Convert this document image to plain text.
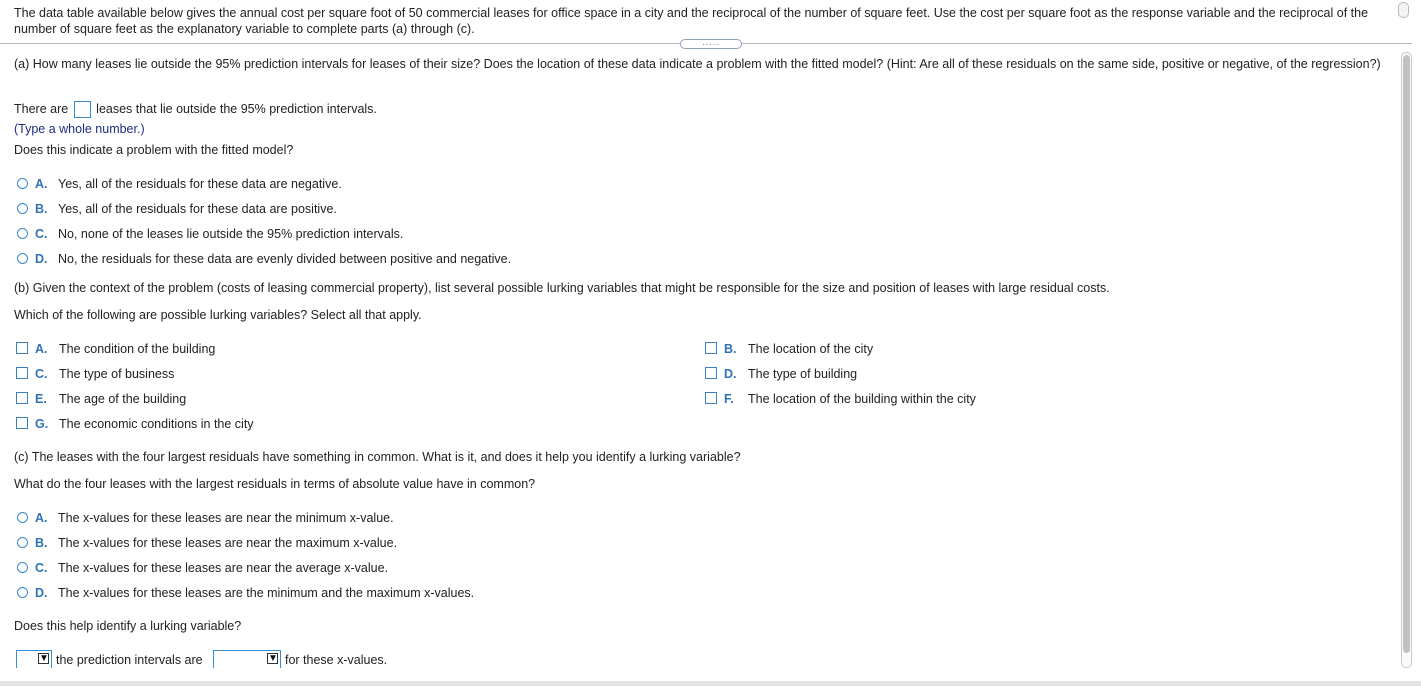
The data table available below gives the annual cost per square foot of 50 commercial leases for office space in a city and the reciprocal of the number of square feet. Use the cost per square foot as the response variable and the reciprocal of the number of square feet as the explanatory variable to complete parts (a) through (c).
.....
(a) How many leases lie outside the 95% prediction intervals for leases of their size? Does the location of these data indicate a problem with the fitted model? (Hint: Are all of these residuals on the same side, positive or negative, of the regression?)
There are leases that lie outside the 95% prediction intervals.
(Type a whole number.)
Does this indicate a problem with the fitted model?
A. Yes, all of the residuals for these data are negative.
B. Yes, all of the residuals for these data are positive.
C. No, none of the leases lie outside the 95% prediction intervals.
D. No, the residuals for these data are evenly divided between positive and negative.
(b) Given the context of the problem (costs of leasing commercial property), list several possible lurking variables that might be responsible for the size and position of leases with large residual costs.
Which of the following are possible lurking variables? Select all that apply.
A. The condition of the building	B. The location of the city
C. The type of business	D. The type of building
E. The age of the building	F. The location of the building within the city
G. The economic conditions in the city
(c) The leases with the four largest residuals have something in common. What is it, and does it help you identify a lurking variable?
What do the four leases with the largest residuals in terms of absolute value have in common?
A. The x-values for these leases are near the minimum x-value.
B. The x-values for these leases are near the maximum x-value.
C. The x-values for these leases are near the average x-value.
D. The x-values for these leases are the minimum and the maximum x-values.
Does this help identify a lurking variable?
▼ the prediction intervals are	▼ for these x-values.
